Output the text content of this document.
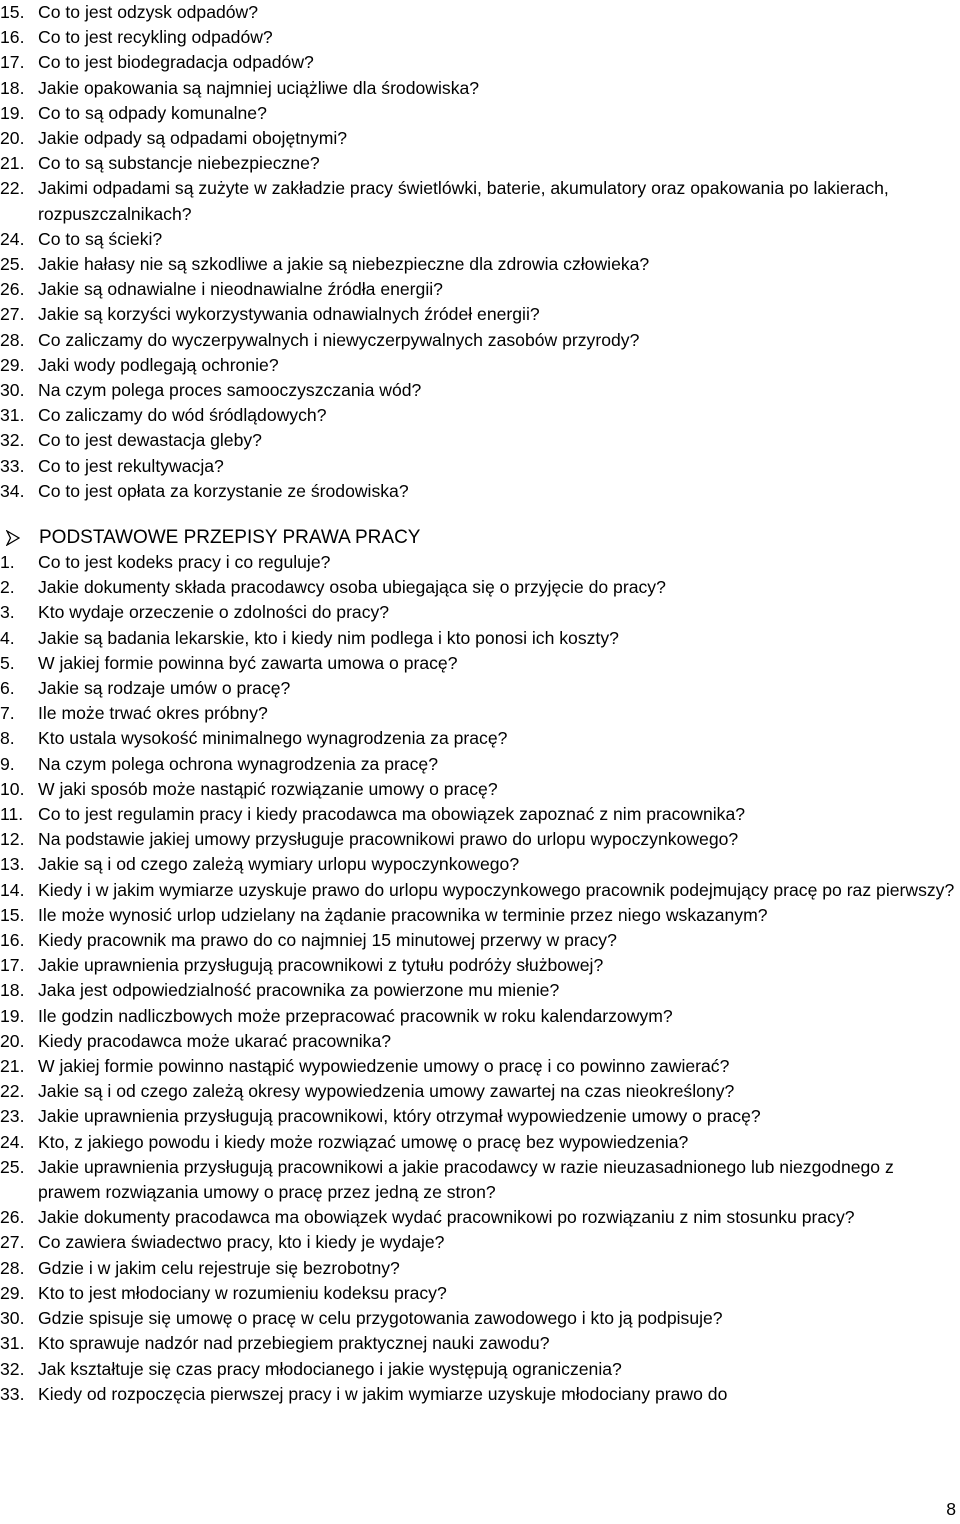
15. Co to jest odzysk odpadów?
16. Co to jest recykling odpadów?
17. Co to jest biodegradacja odpadów?
18. Jakie opakowania są najmniej uciążliwe dla środowiska?
19. Co to są odpady komunalne?
20. Jakie odpady są odpadami obojętnymi?
21. Co to są substancje niebezpieczne?
22. Jakimi odpadami są zużyte w zakładzie pracy świetlówki, baterie, akumulatory oraz opakowania po lakierach, rozpuszczalnikach?
24. Co to są ścieki?
25. Jakie hałasy nie są szkodliwe a jakie są niebezpieczne dla zdrowia człowieka?
26. Jakie są odnawialne i nieodnawialne źródła energii?
27. Jakie są korzyści wykorzystywania odnawialnych źródeł energii?
28. Co zaliczamy do wyczerpywalnych i niewyczerpywalnych zasobów przyrody?
29. Jaki wody podlegają ochronie?
30. Na czym polega proces samooczyszczania wód?
31. Co zaliczamy do wód śródlądowych?
32. Co to jest dewastacja gleby?
33. Co to jest rekultywacja?
34. Co to jest opłata za korzystanie ze środowiska?
PODSTAWOWE PRZEPISY PRAWA PRACY
1.	Co to jest kodeks pracy i co reguluje?
2.	Jakie dokumenty składa pracodawcy osoba ubiegająca się o przyjęcie do pracy?
3.	Kto wydaje orzeczenie o zdolności do pracy?
4.	Jakie są badania lekarskie, kto i kiedy nim podlega i kto ponosi ich koszty?
5.	W jakiej formie powinna być zawarta umowa o pracę?
6.	Jakie są rodzaje umów o pracę?
7.	Ile może trwać okres próbny?
8.	Kto ustala wysokość minimalnego wynagrodzenia za pracę?
9.	Na czym polega ochrona wynagrodzenia za pracę?
10. W jaki sposób może nastąpić rozwiązanie umowy o pracę?
11. Co to jest regulamin pracy i kiedy pracodawca ma obowiązek zapoznać z nim pracownika?
12. Na podstawie jakiej umowy przysługuje pracownikowi prawo do urlopu wypoczynkowego?
13. Jakie są i od czego zależą wymiary urlopu wypoczynkowego?
14. Kiedy i w jakim wymiarze uzyskuje prawo do urlopu wypoczynkowego pracownik podejmujący pracę po raz pierwszy?
15. Ile może wynosić urlop udzielany na żądanie pracownika w terminie przez niego wskazanym?
16. Kiedy pracownik ma prawo do co najmniej 15 minutowej przerwy w pracy?
17. Jakie uprawnienia przysługują pracownikowi z tytułu podróży służbowej?
18. Jaka jest odpowiedzialność pracownika za powierzone mu mienie?
19. Ile godzin nadliczbowych może przepracować pracownik w roku kalendarzowym?
20. Kiedy pracodawca może ukarać pracownika?
21. W jakiej formie powinno nastąpić wypowiedzenie umowy o pracę i co powinno zawierać?
22. Jakie są i od czego zależą okresy wypowiedzenia umowy zawartej na czas nieokreślony?
23. Jakie uprawnienia przysługują pracownikowi, który otrzymał wypowiedzenie umowy o pracę?
24. Kto, z jakiego powodu i kiedy może rozwiązać umowę o pracę bez wypowiedzenia?
25. Jakie uprawnienia przysługują pracownikowi a jakie pracodawcy w razie nieuzasadnionego lub niezgodnego z prawem rozwiązania umowy o pracę przez jedną ze stron?
26. Jakie dokumenty pracodawca ma obowiązek wydać pracownikowi po rozwiązaniu z nim stosunku pracy?
27. Co zawiera świadectwo pracy, kto i kiedy je wydaje?
28. Gdzie i w jakim celu rejestruje się bezrobotny?
29. Kto to jest młodociany w rozumieniu kodeksu pracy?
30. Gdzie spisuje się umowę o pracę w celu przygotowania zawodowego i kto ją podpisuje?
31. Kto sprawuje nadzór nad przebiegiem praktycznej nauki zawodu?
32. Jak kształtuje się czas pracy młodocianego i jakie występują ograniczenia?
33. Kiedy od rozpoczęcia pierwszej pracy i w jakim wymiarze uzyskuje młodociany prawo do
8
